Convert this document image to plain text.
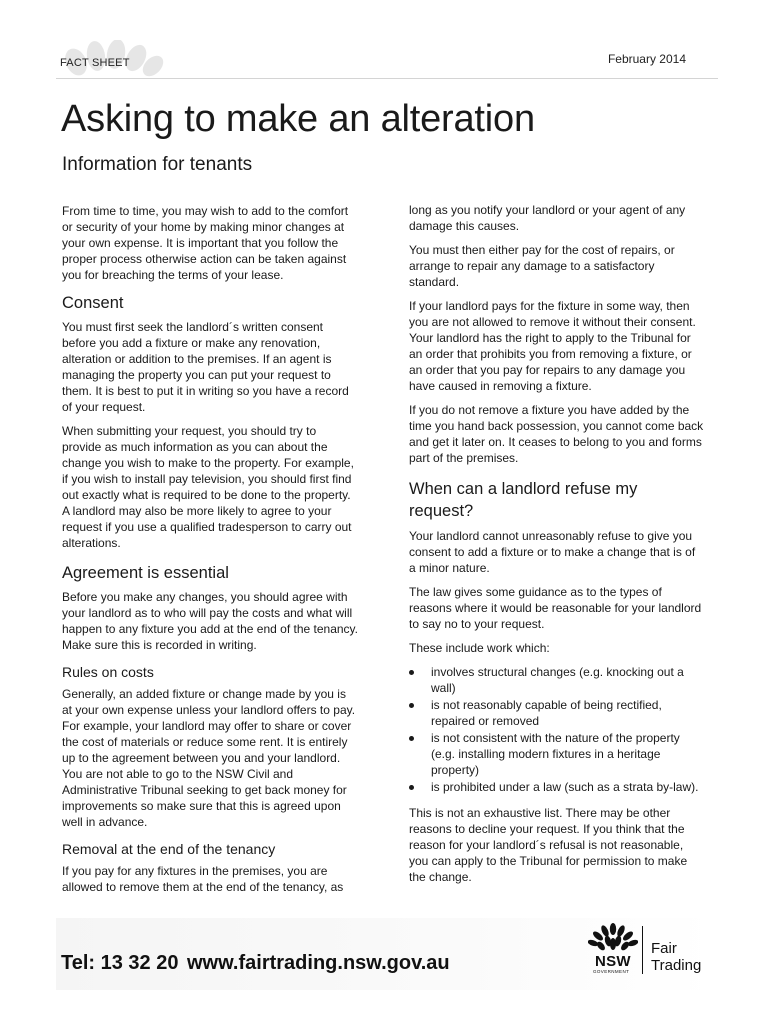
FACT SHEET	February 2014
Asking to make an alteration
Information for tenants

From time to time, you may wish to add to the comfort or security of your home by making minor changes at your own expense. It is important that you follow the proper process otherwise action can be taken against you for breaching the terms of your lease.

Consent

You must first seek the landlord´s written consent before you add a fixture or make any renovation, alteration or addition to the premises. If an agent is managing the property you can put your request to them. It is best to put it in writing so you have a record of your request.

When submitting your request, you should try to provide as much information as you can about the change you wish to make to the property. For example, if you wish to install pay television, you should first find out exactly what is required to be done to the property. A landlord may also be more likely to agree to your request if you use a qualified tradesperson to carry out alterations.

Agreement is essential

Before you make any changes, you should agree with your landlord as to who will pay the costs and what will happen to any fixture you add at the end of the tenancy. Make sure this is recorded in writing.

Rules on costs

Generally, an added fixture or change made by you is at your own expense unless your landlord offers to pay. For example, your landlord may offer to share or cover the cost of materials or reduce some rent. It is entirely up to the agreement between you and your landlord. You are not able to go to the NSW Civil and Administrative Tribunal seeking to get back money for improvements so make sure that this is agreed upon well in advance.

Removal at the end of the tenancy

If you pay for any fixtures in the premises, you are allowed to remove them at the end of the tenancy, as

long as you notify your landlord or your agent of any damage this causes.

You must then either pay for the cost of repairs, or arrange to repair any damage to a satisfactory standard.

If your landlord pays for the fixture in some way, then you are not allowed to remove it without their consent. Your landlord has the right to apply to the Tribunal for an order that prohibits you from removing a fixture, or an order that you pay for repairs to any damage you have caused in removing a fixture.

If you do not remove a fixture you have added by the time you hand back possession, you cannot come back and get it later on. It ceases to belong to you and forms part of the premises.

When can a landlord refuse my request?

Your landlord cannot unreasonably refuse to give you consent to add a fixture or to make a change that is of a minor nature.

The law gives some guidance as to the types of reasons where it would be reasonable for your landlord to say no to your request.

These include work which:

involves structural changes (e.g. knocking out a wall)
is not reasonably capable of being rectified, repaired or removed
is not consistent with the nature of the property (e.g. installing modern fixtures in a heritage property)
is prohibited under a law (such as a strata by-law).

This is not an exhaustive list. There may be other reasons to decline your request. If you think that the reason for your landlord´s refusal is not reasonable, you can apply to the Tribunal for permission to make the change.

Tel: 13 32 20 www.fairtrading.nsw.gov.au	NSW
GOVERNMENT
Fair
Trading
